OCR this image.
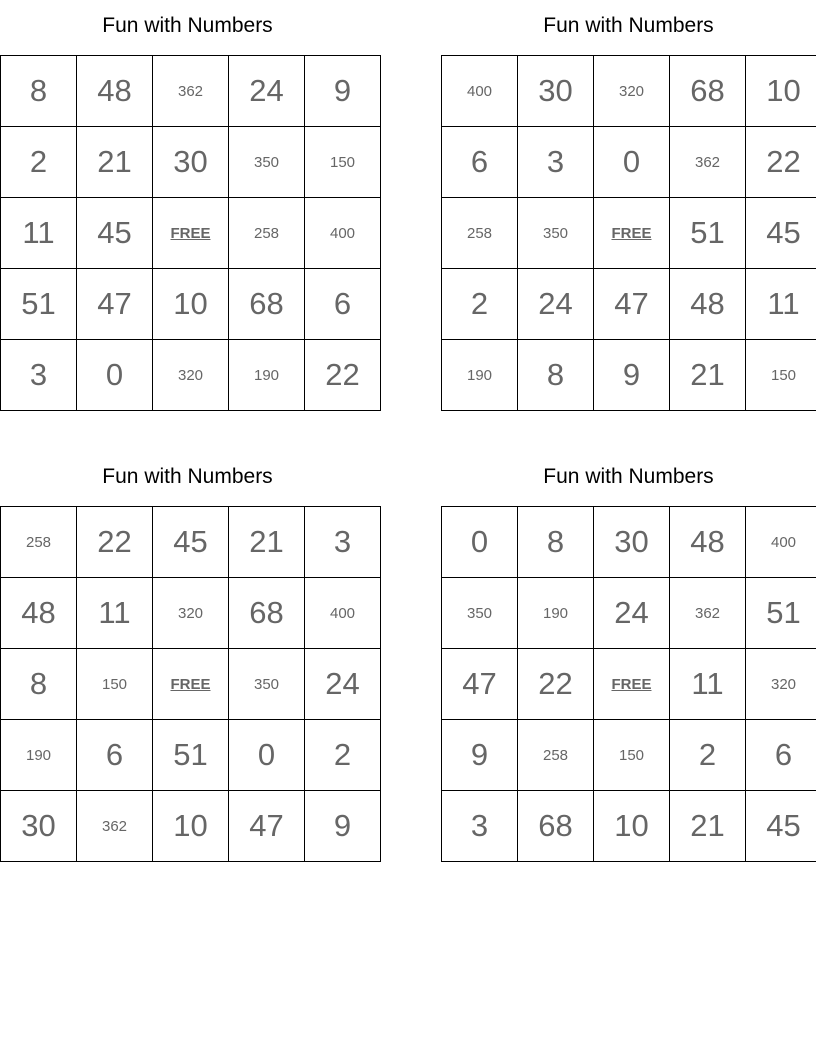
Fun with Numbers
8	48	362	24	9
2	21	30	350	150
11	45	FREE	258	400
51	47	10	68	6
3	0	320	190	22
Fun with Numbers
400	30	320	68	10
6	3	0	362	22
258	350	FREE	51	45
2	24	47	48	11
190	8	9	21	150
Fun with Numbers
258	22	45	21	3
48	11	320	68	400
8	150	FREE	350	24
190	6	51	0	2
30	362	10	47	9
Fun with Numbers
0	8	30	48	400
350	190	24	362	51
47	22	FREE	11	320
9	258	150	2	6
3	68	10	21	45
